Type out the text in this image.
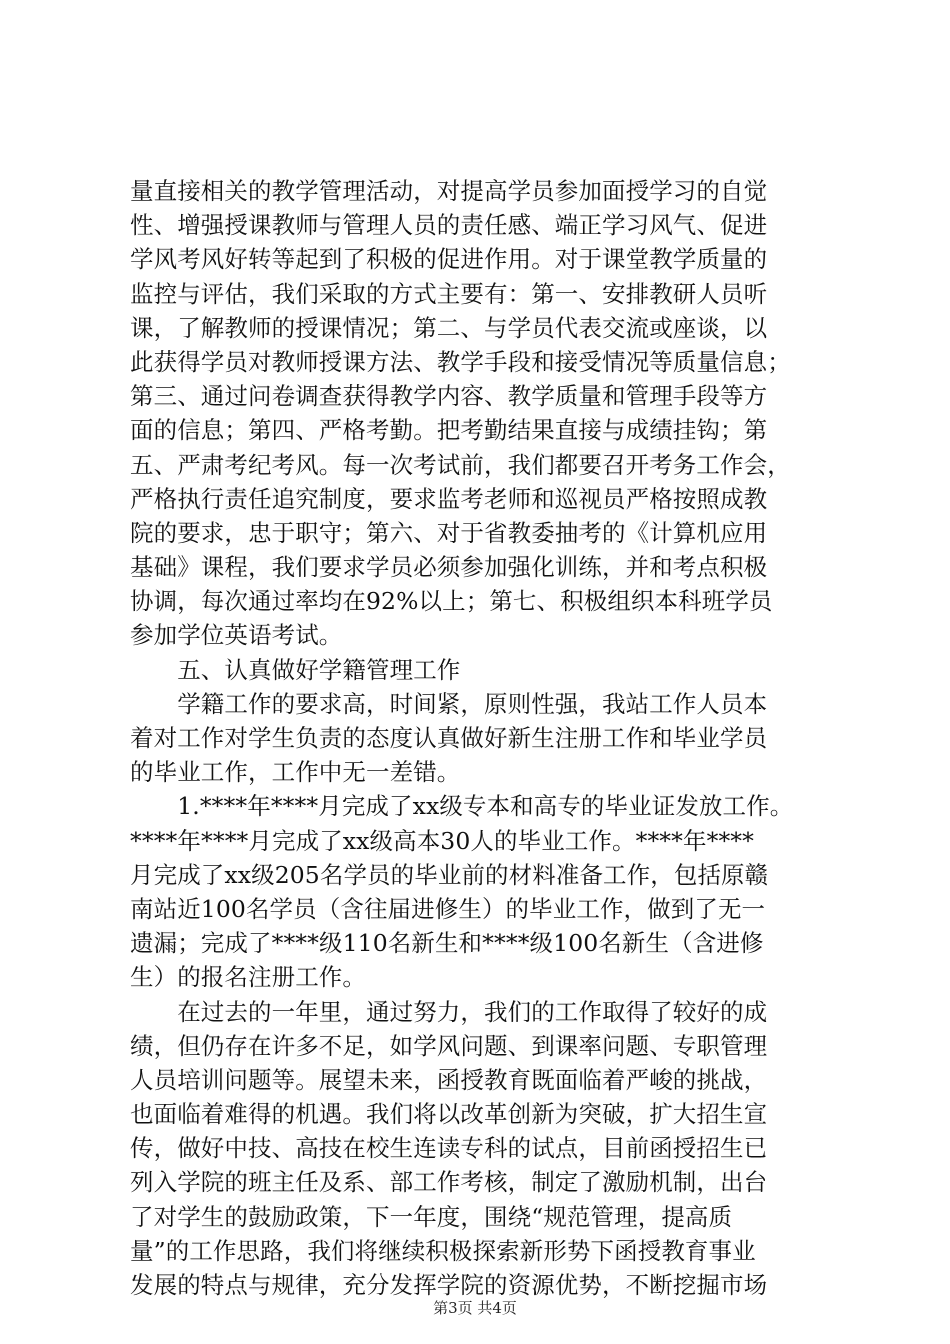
量直接相关的教学管理活动，对提高学员参加面授学习的自觉
性、增强授课教师与管理人员的责任感、端正学习风气、促进
学风考风好转等起到了积极的促进作用。对于课堂教学质量的
监控与评估，我们采取的方式主要有：第一、安排教研人员听
课，了解教师的授课情况；第二、与学员代表交流或座谈，以
此获得学员对教师授课方法、教学手段和接受情况等质量信息；
第三、通过问卷调查获得教学内容、教学质量和管理手段等方
面的信息；第四、严格考勤。把考勤结果直接与成绩挂钩；第
五、严肃考纪考风。每一次考试前，我们都要召开考务工作会，
严格执行责任追究制度，要求监考老师和巡视员严格按照成教
院的要求，忠于职守；第六、对于省教委抽考的《计算机应用
基础》课程，我们要求学员必须参加强化训练，并和考点积极
协调，每次通过率均在92%以上；第七、积极组织本科班学员
参加学位英语考试。
　　五、认真做好学籍管理工作
　　学籍工作的要求高，时间紧，原则性强，我站工作人员本
着对工作对学生负责的态度认真做好新生注册工作和毕业学员
的毕业工作，工作中无一差错。
　　1.****年****月完成了xx级专本和高专的毕业证发放工作。
****年****月完成了xx级高本30人的毕业工作。****年****
月完成了xx级205名学员的毕业前的材料准备工作，包括原赣
南站近100名学员（含往届进修生）的毕业工作，做到了无一
遗漏；完成了****级110名新生和****级100名新生（含进修
生）的报名注册工作。
　　在过去的一年里，通过努力，我们的工作取得了较好的成
绩，但仍存在许多不足，如学风问题、到课率问题、专职管理
人员培训问题等。展望未来，函授教育既面临着严峻的挑战，
也面临着难得的机遇。我们将以改革创新为突破，扩大招生宣
传，做好中技、高技在校生连读专科的试点，目前函授招生已
列入学院的班主任及系、部工作考核，制定了激励机制，出台
了对学生的鼓励政策，下一年度，围绕“规范管理，提高质
量”的工作思路，我们将继续积极探索新形势下函授教育事业
发展的特点与规律，充分发挥学院的资源优势，不断挖掘市场
第3页 共4页
